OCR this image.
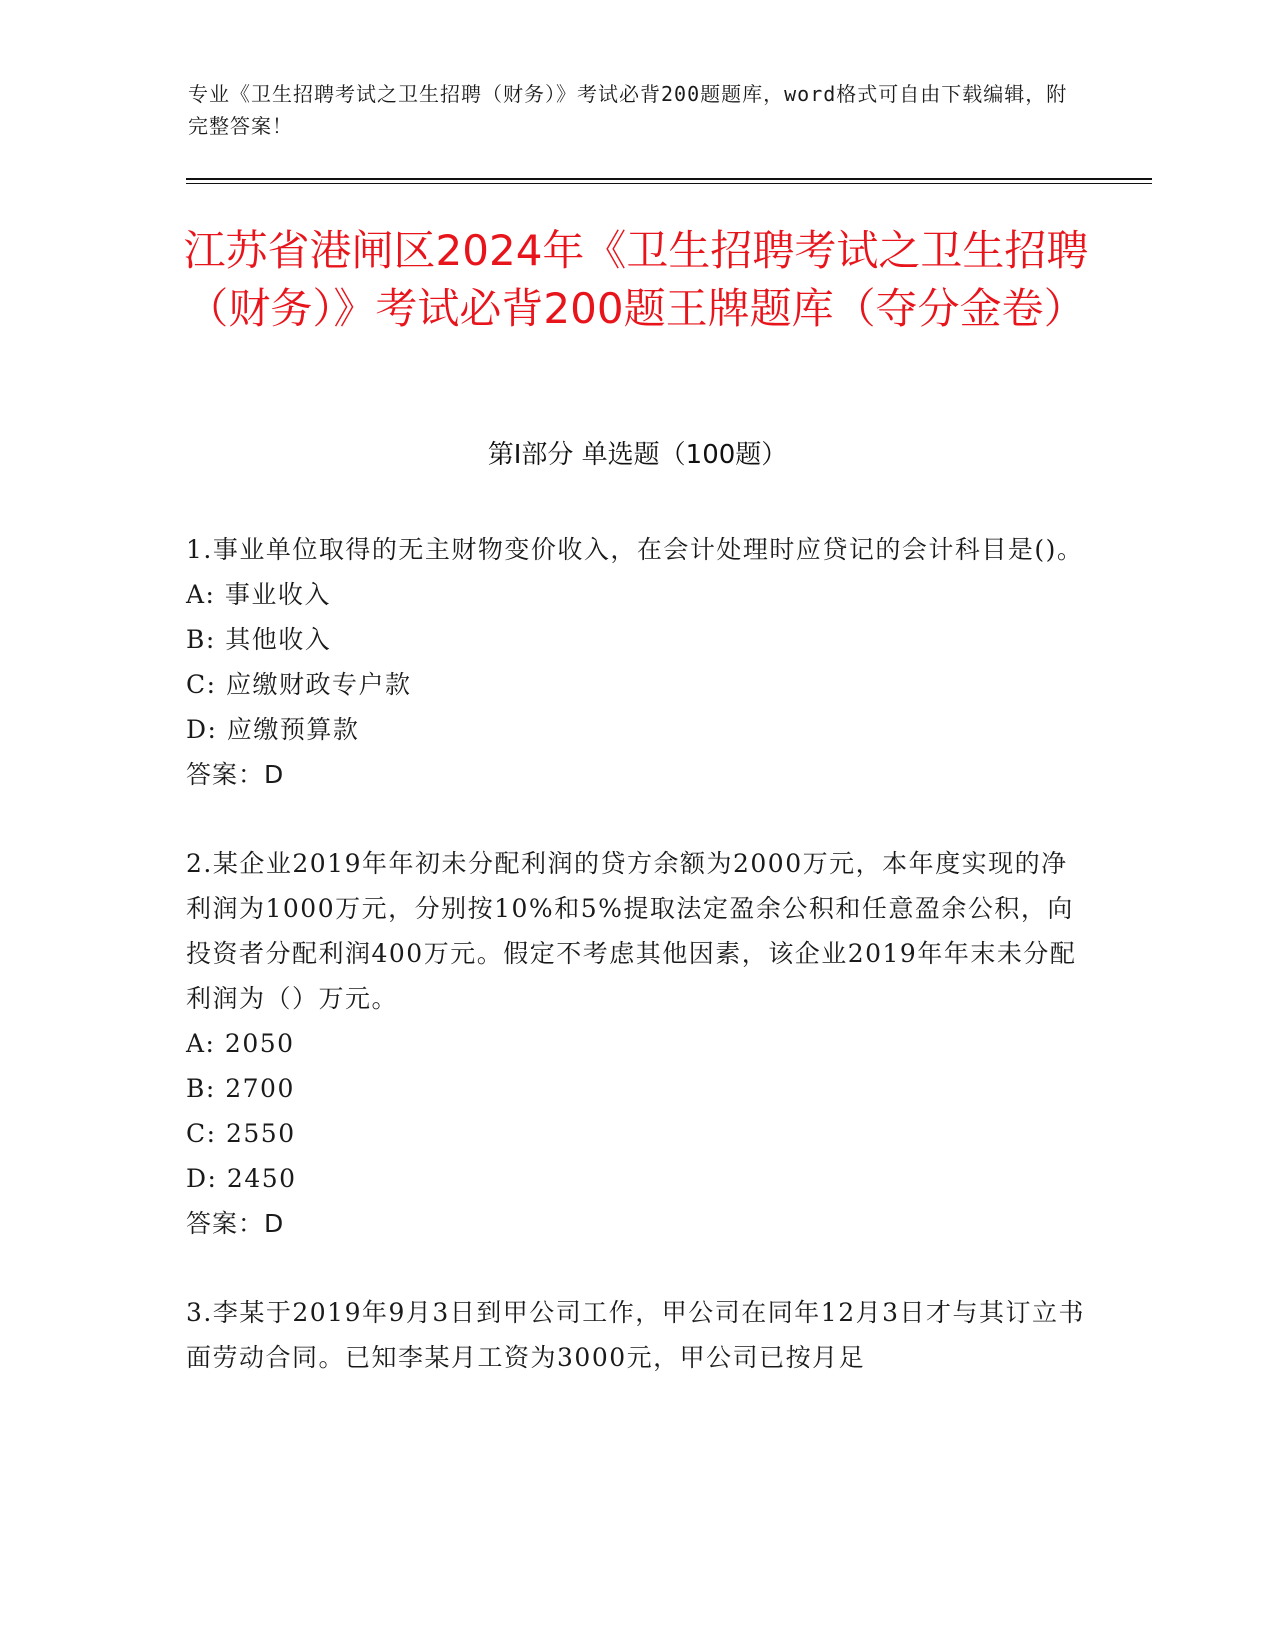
专业《卫生招聘考试之卫生招聘（财务）》考试必背200题题库，word格式可自由下载编辑，附完整答案！
江苏省港闸区2024年《卫生招聘考试之卫生招聘（财务）》考试必背200题王牌题库（夺分金卷）
第Ⅰ部分 单选题（100题）

1.事业单位取得的无主财物变价收入，在会计处理时应贷记的会计科目是()。

A: 事业收入

B: 其他收入

C: 应缴财政专户款

D: 应缴预算款

答案：D

2.某企业2019年年初未分配利润的贷方余额为2000万元，本年度实现的净利润为1000万元，分别按10%和5%提取法定盈余公积和任意盈余公积，向投资者分配利润400万元。假定不考虑其他因素，该企业2019年年末未分配利润为（）万元。

A: 2050

B: 2700

C: 2550

D: 2450

答案：D

3.李某于2019年9月3日到甲公司工作，甲公司在同年12月3日才与其订立书面劳动合同。已知李某月工资为3000元，甲公司已按月足
